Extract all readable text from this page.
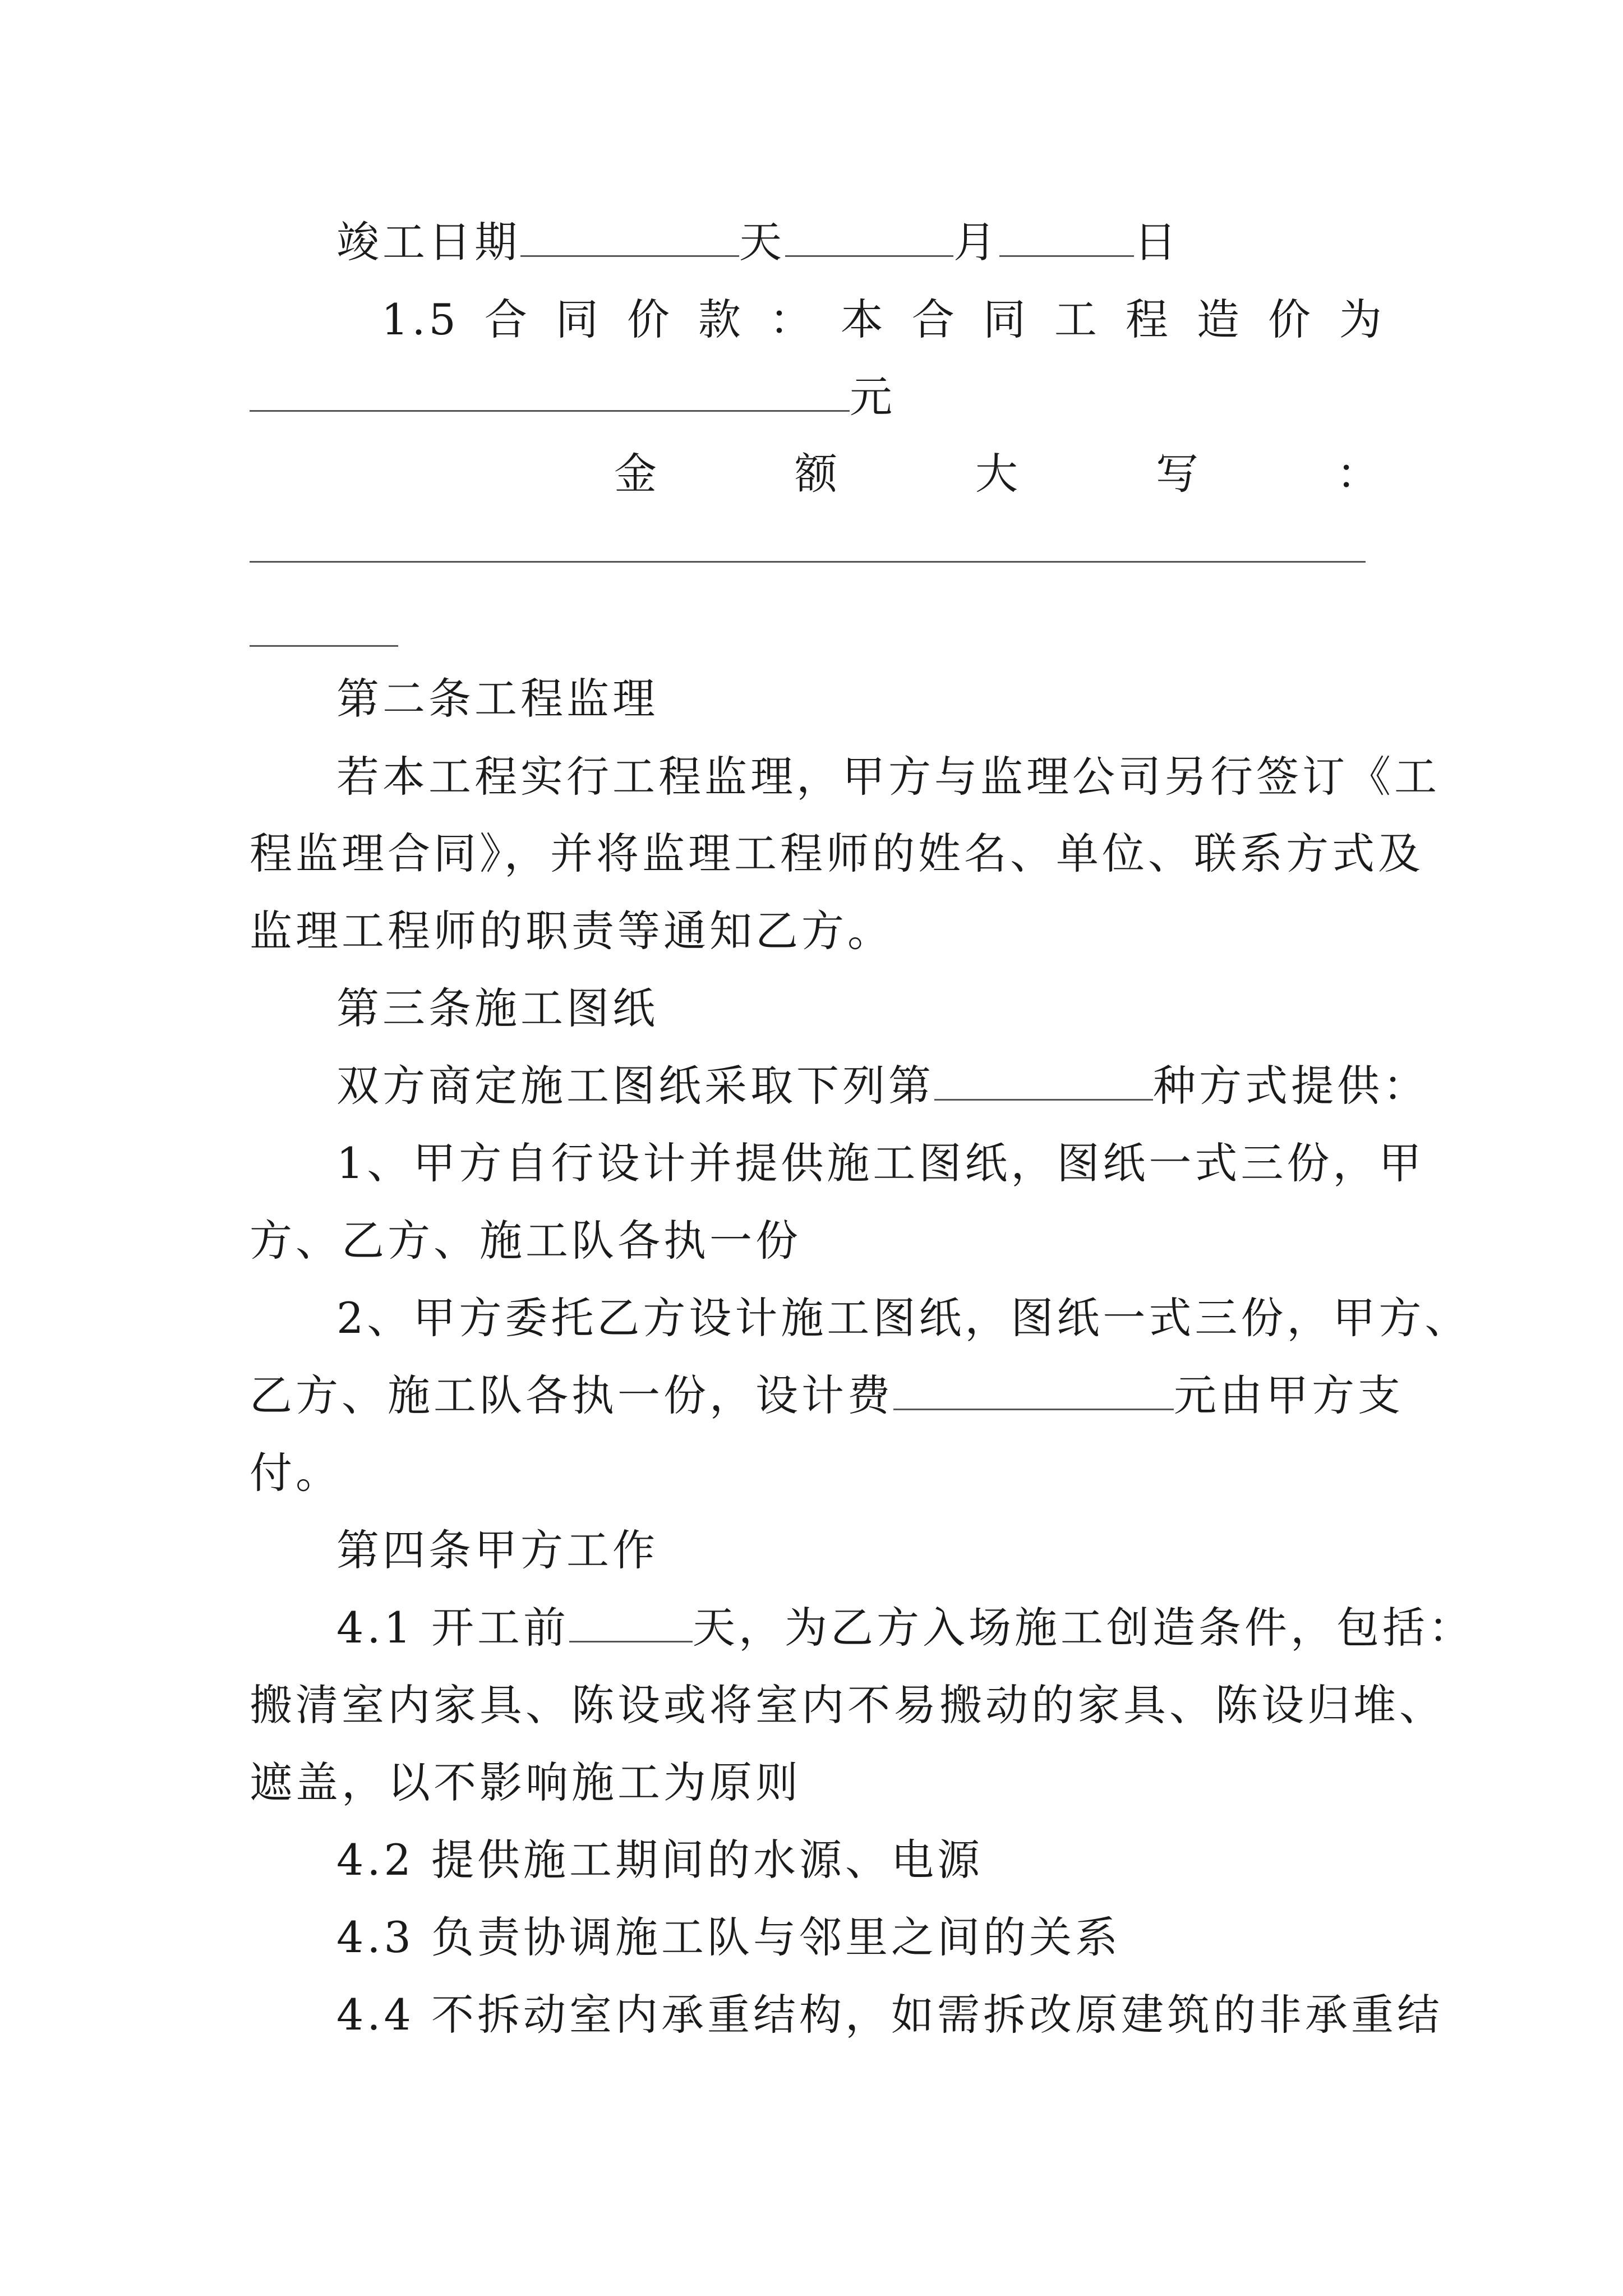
竣工日期	天	月	日
1.5 合 同 价 款 ： 本 合 同 工 程 造 价 为
元
金	额	大	写	：
第二条工程监理
若本工程实行工程监理，甲方与监理公司另行签订《工
程监理合同》，并将监理工程师的姓名、单位、联系方式及
监理工程师的职责等通知乙方。
第三条施工图纸
双方商定施工图纸采取下列第	种方式提供：
1、甲方自行设计并提供施工图纸，图纸一式三份，甲
方、乙方、施工队各执一份
2、甲方委托乙方设计施工图纸，图纸一式三份，甲方、
乙方、施工队各执一份，设计费	元由甲方支
付。
第四条甲方工作
4.1 开工前	天，为乙方入场施工创造条件，包括：
搬清室内家具、陈设或将室内不易搬动的家具、陈设归堆、
遮盖，以不影响施工为原则
4.2 提供施工期间的水源、电源
4.3 负责协调施工队与邻里之间的关系
4.4 不拆动室内承重结构，如需拆改原建筑的非承重结
